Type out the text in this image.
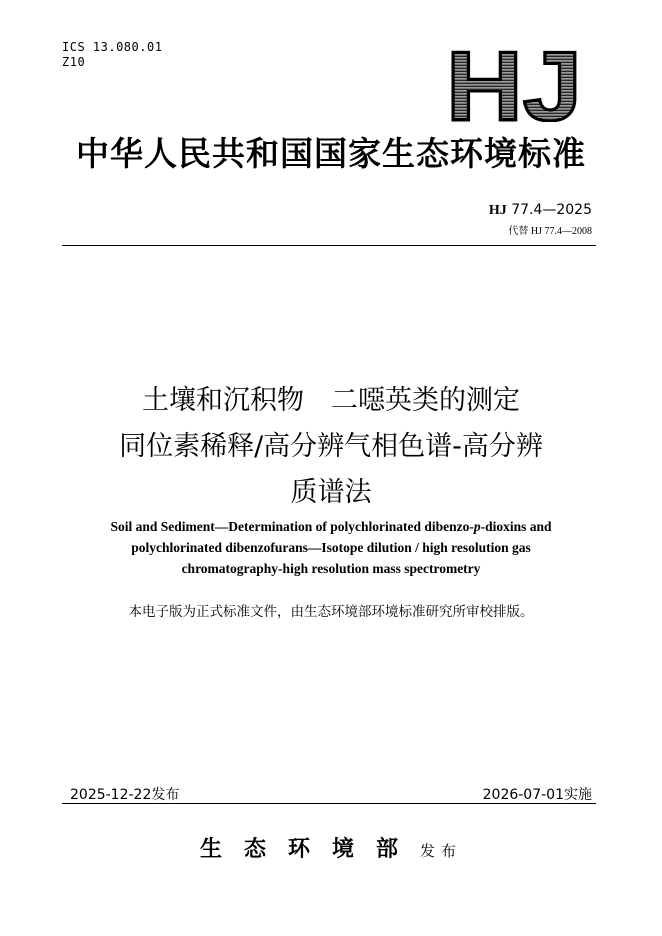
ICS 13.080.01
Z10	HJ
中华人民共和国国家生态环境标准
HJ 77.4—2025
代替 HJ 77.4—2008
土壤和沉积物　二噁英类的测定
同位素稀释/高分辨气相色谱-高分辨
质谱法
Soil and Sediment—Determination of polychlorinated dibenzo-p-dioxins and
polychlorinated dibenzofurans—Isotope dilution / high resolution gas
chromatography-high resolution mass spectrometry
本电子版为正式标准文件，由生态环境部环境标准研究所审校排版。
2025-12-22发布	2026-07-01实施
生态环境部发布
